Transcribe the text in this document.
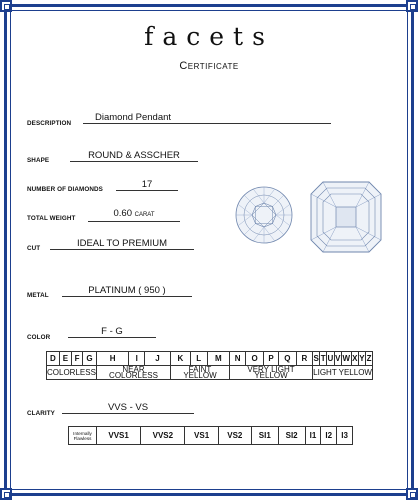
facets
Certificate
DESCRIPTION
Diamond Pendant
SHAPE	ROUND & ASSCHER
NUMBER OF DIAMONDS	17
TOTAL WEIGHT	0.60 CARAT
CUT	IDEAL TO PREMIUM
METAL	PLATINUM ( 950 )
COLOR
F - G
D	E	F	G	H	I	J	K	L	M	N	O	P	Q	R	S	T	U	V	W	X	Y	Z
COLORLESS				NEAR COLORLESS			FAINT YELLOW			VERY LIGHT YELLOW					LIGHT YELLOW							
CLARITY
VVS - VS
Internally Flawless	VVS1	VVS2	VS1	VS2	SI1	SI2	I1	I2	I3
